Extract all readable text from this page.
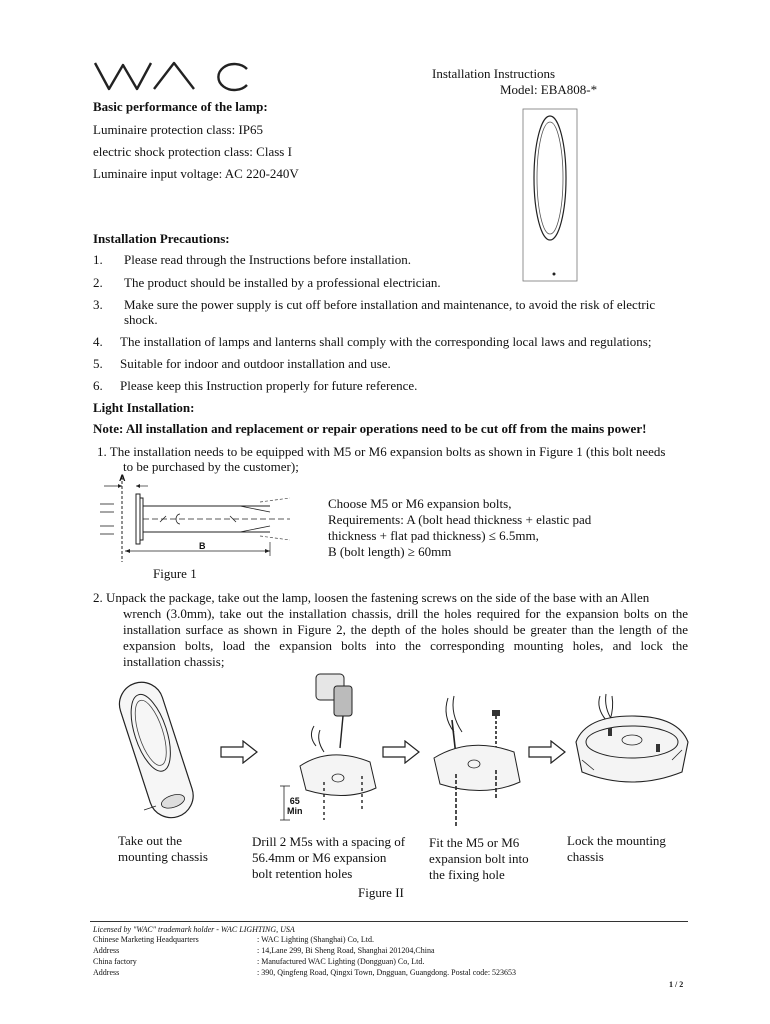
Installation Instructions
Model: EBA808-*
Basic performance of the lamp:
Luminaire protection class: IP65
electric shock protection class: Class I
Luminaire input voltage: AC 220-240V
Installation Precautions:
1. Please read through the Instructions before installation.
2. The product should be installed by a professional electrician.
3. Make sure the power supply is cut off before installation and maintenance, to avoid the risk of electric
shock.
4. The installation of lamps and lanterns shall comply with the corresponding local laws and regulations;
5. Suitable for indoor and outdoor installation and use.
6. Please keep this Instruction properly for future reference.
Light Installation:
Note: All installation and replacement or repair operations need to be cut off from the mains power!
1. The installation needs to be equipped with M5 or M6 expansion bolts as shown in Figure 1 (this bolt needs
to be purchased by the customer);
A
B
Choose M5 or M6 expansion bolts,
Requirements: A (bolt head thickness + elastic pad
thickness + flat pad thickness) ≤ 6.5mm,
B (bolt length) ≥ 60mm
Figure 1
2. Unpack the package, take out the lamp, loosen the fastening screws on the side of the base with an Allen
wrench (3.0mm), take out the installation chassis, drill the holes required for the expansion bolts on the
installation surface as shown in Figure 2, the depth of the holes should be greater than the length of the
expansion bolts, load the expansion bolts into the corresponding mounting holes, and lock the
installation chassis;
65
Min
Take out the
mounting chassis
Drill 2 M5s with a spacing of
56.4mm or M6 expansion
bolt retention holes
Fit the M5 or M6
expansion bolt into
the fixing hole
Lock the mounting
chassis
Figure II
Licensed by "WAC" trademark holder - WAC LIGHTING, USA
Chinese Marketing Headquarters	: WAC Lighting (Shanghai) Co, Ltd.
Address	: 14,Lane 299, Bi Sheng Road, Shanghai 201204,China
China factory	: Manufactured WAC Lighting (Dongguan) Co, Ltd.
Address	: 390, Qingfeng Road, Qingxi Town, Dngguan, Guangdong. Postal code: 523653
1 / 2
